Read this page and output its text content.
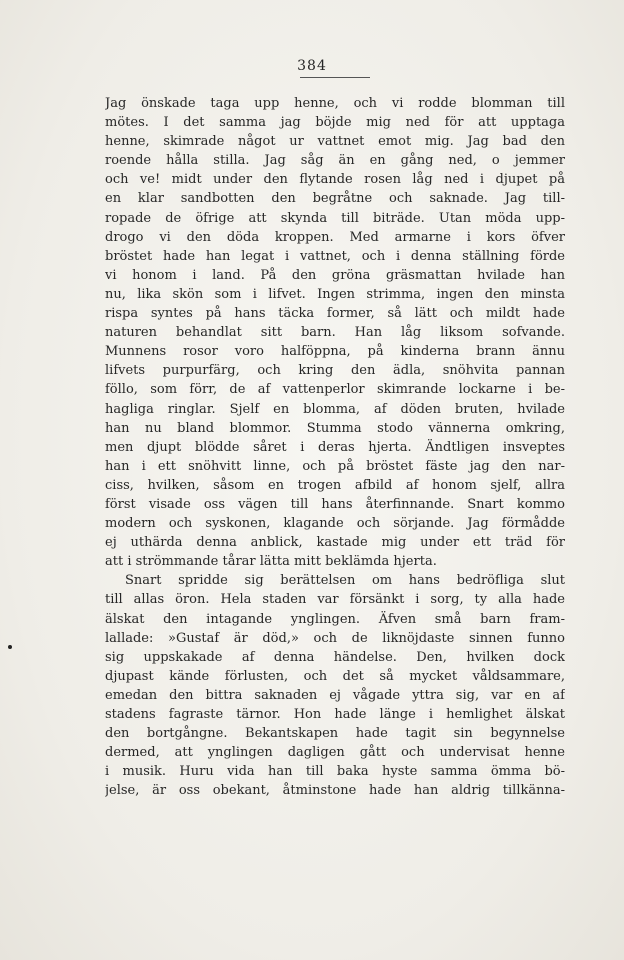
384
Jag önskade taga upp henne, och vi rodde blomman till
mötes. I det samma jag böjde mig ned för att upptaga
henne, skimrade något ur vattnet emot mig. Jag bad den
roende hålla stilla. Jag såg än en gång ned, o jemmer
och ve! midt under den flytande rosen låg ned i djupet på
en klar sandbotten den begråtne och saknade. Jag till-
ropade de öfrige att skynda till biträde. Utan möda upp-
drogo vi den döda kroppen. Med armarne i kors öfver
bröstet hade han legat i vattnet, och i denna ställning förde
vi honom i land. På den gröna gräsmattan hvilade han
nu, lika skön som i lifvet. Ingen strimma, ingen den minsta
rispa syntes på hans täcka former, så lätt och mildt hade
naturen behandlat sitt barn. Han låg liksom sofvande.
Munnens rosor voro halföppna, på kinderna brann ännu
lifvets purpurfärg, och kring den ädla, snöhvita pannan
föllo, som förr, de af vattenperlor skimrande lockarne i be-
hagliga ringlar. Sjelf en blomma, af döden bruten, hvilade
han nu bland blommor. Stumma stodo vännerna omkring,
men djupt blödde såret i deras hjerta. Ändtligen insveptes
han i ett snöhvitt linne, och på bröstet fäste jag den nar-
ciss, hvilken, såsom en trogen afbild af honom sjelf, allra
först visade oss vägen till hans återfinnande. Snart kommo
modern och syskonen, klagande och sörjande. Jag förmådde
ej uthärda denna anblick, kastade mig under ett träd för
att i strömmande tårar lätta mitt beklämda hjerta.
Snart spridde sig berättelsen om hans bedröfliga slut
till allas öron. Hela staden var försänkt i sorg, ty alla hade
älskat den intagande ynglingen. Äfven små barn fram-
lallade: »Gustaf är död,» och de liknöjdaste sinnen funno
sig uppskakade af denna händelse. Den, hvilken dock
djupast kände förlusten, och det så mycket våldsammare,
emedan den bittra saknaden ej vågade yttra sig, var en af
stadens fagraste tärnor. Hon hade länge i hemlighet älskat
den bortgångne. Bekantskapen hade tagit sin begynnelse
dermed, att ynglingen dagligen gått och undervisat henne
i musik. Huru vida han till baka hyste samma ömma bö-
jelse, är oss obekant, åtminstone hade han aldrig tillkänna-
